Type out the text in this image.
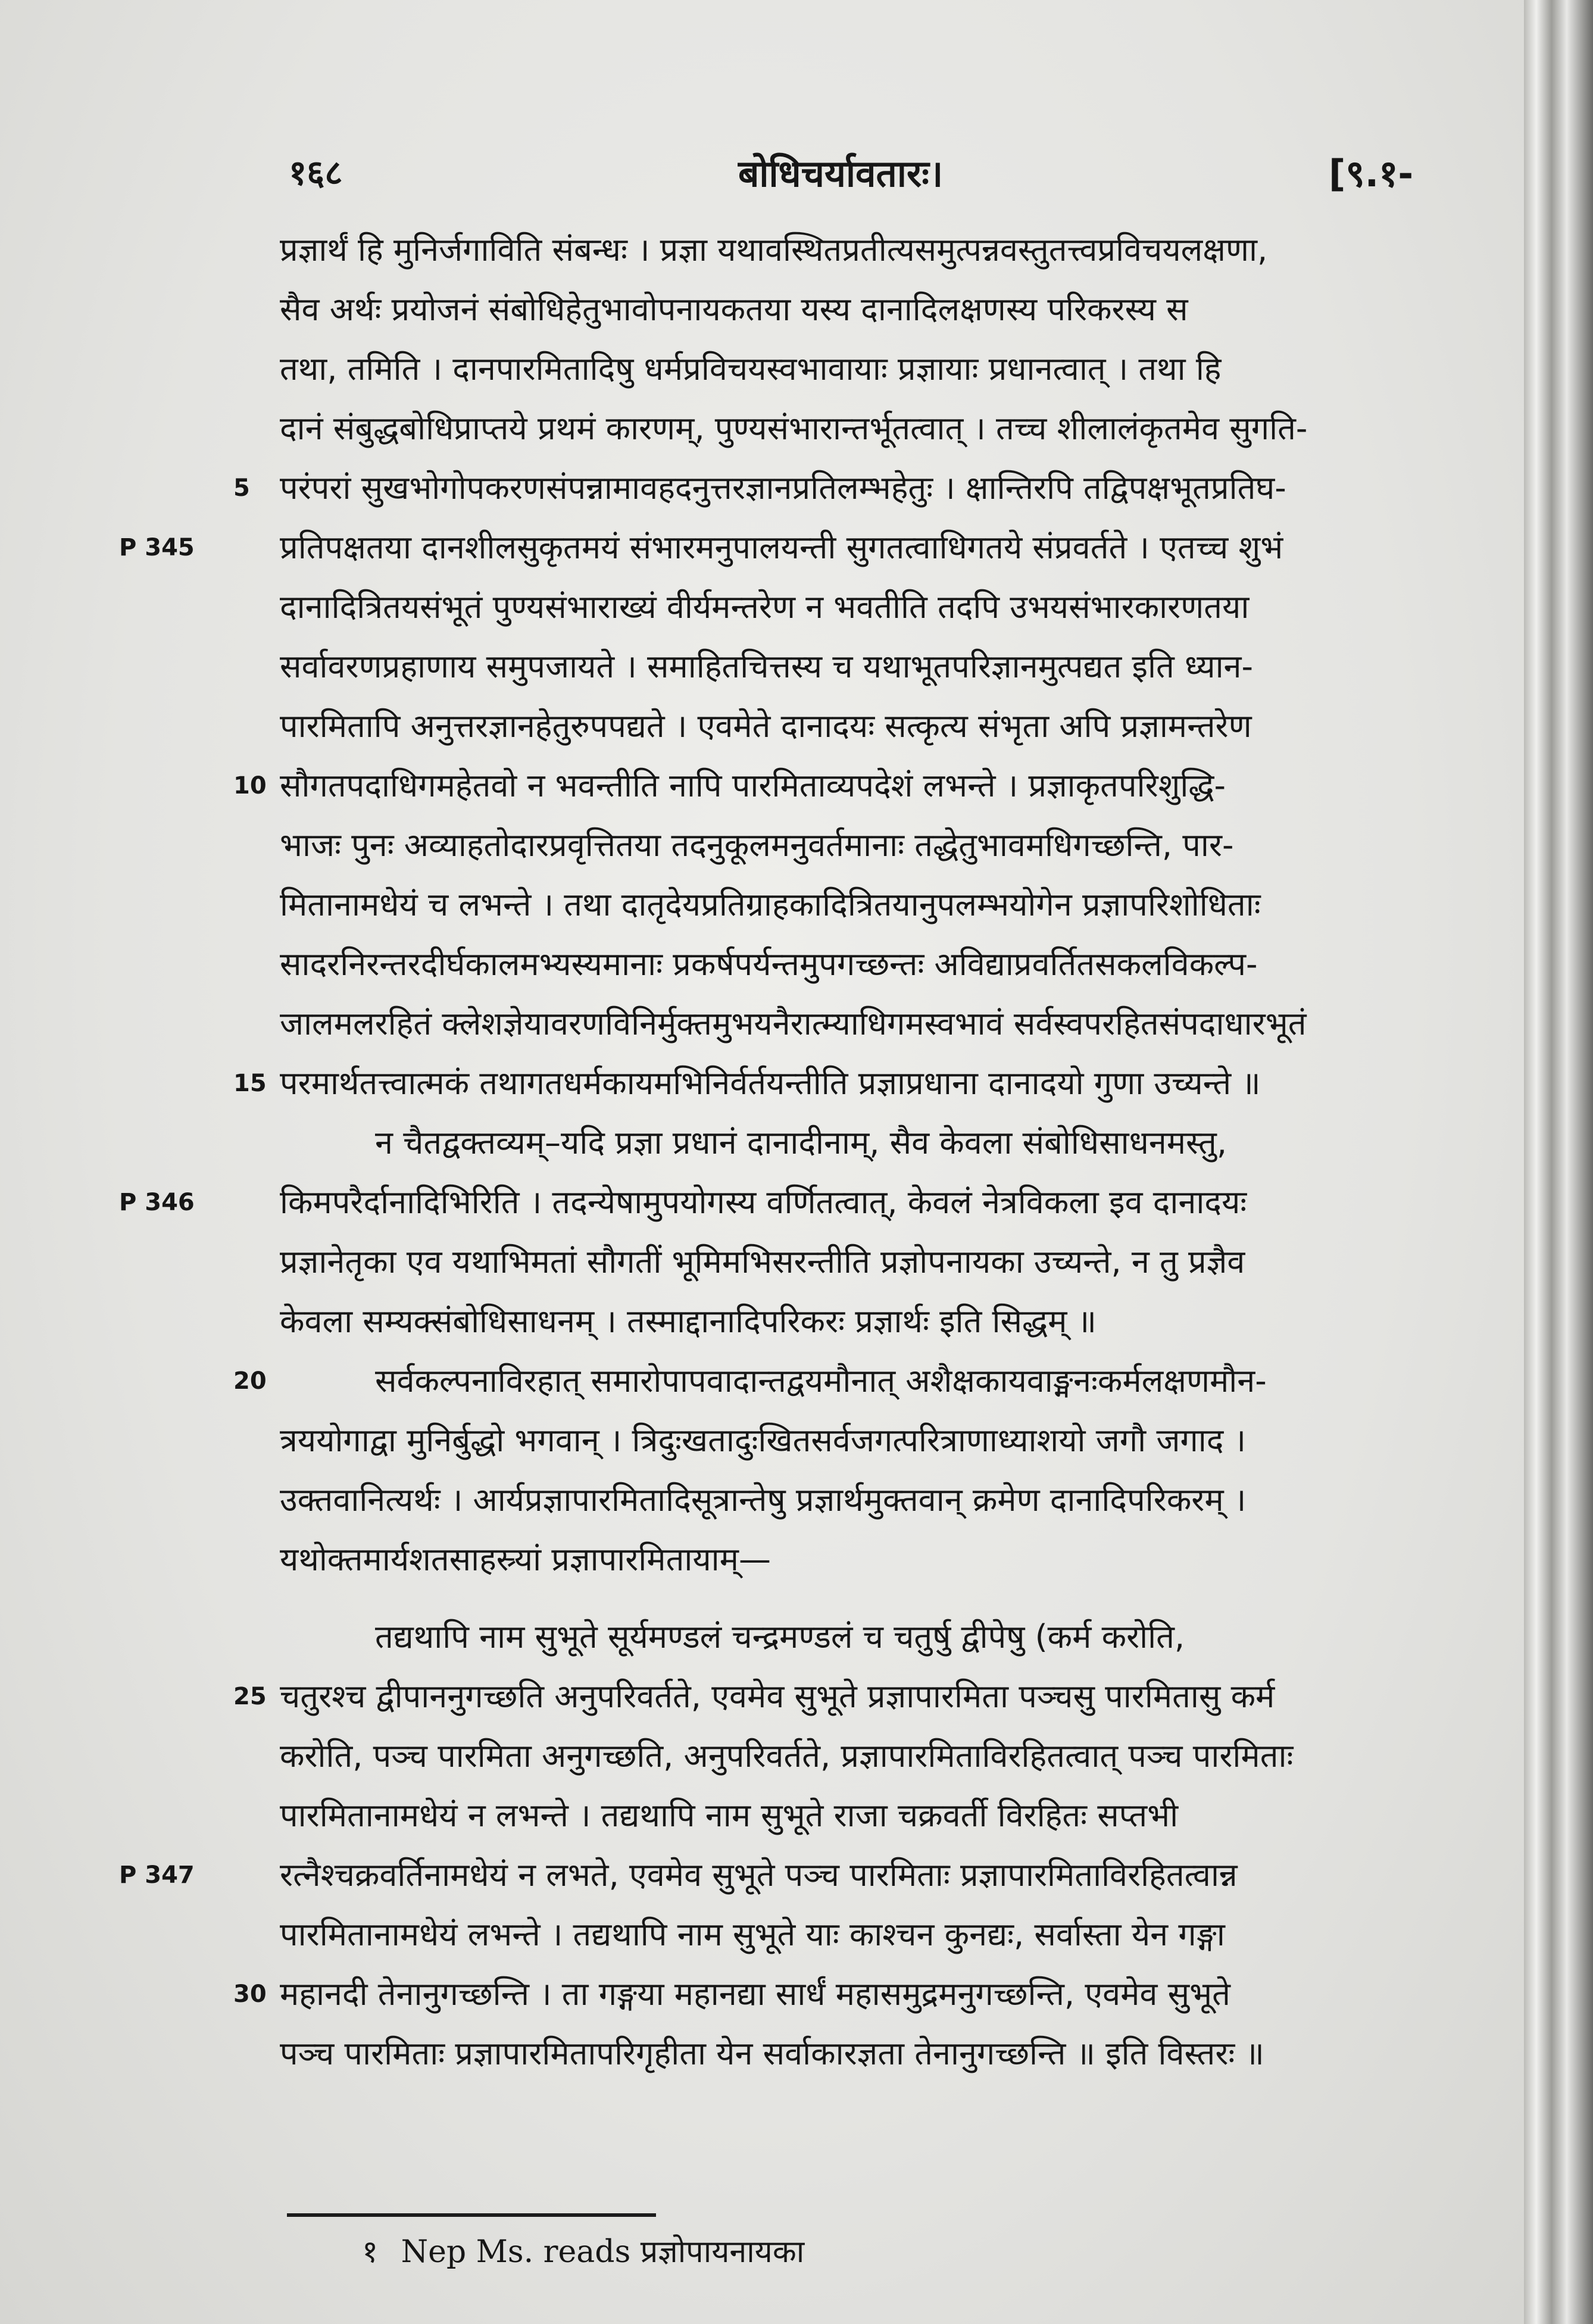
१६८	बोधिचर्यावतारः।	[९.१-
प्रज्ञार्थं हि मुनिर्जगाविति संबन्धः । प्रज्ञा यथावस्थितप्रतीत्यसमुत्पन्नवस्तुतत्त्वप्रविचयलक्षणा,
सैव अर्थः प्रयोजनं संबोधिहेतुभावोपनायकतया यस्य दानादिलक्षणस्य परिकरस्य स
तथा, तमिति । दानपारमितादिषु धर्मप्रविचयस्वभावायाः प्रज्ञायाः प्रधानत्वात् । तथा हि
दानं संबुद्धबोधिप्राप्तये प्रथमं कारणम्, पुण्यसंभारान्तर्भूतत्वात् । तच्च शीलालंकृतमेव सुगति-
परंपरां सुखभोगोपकरणसंपन्नामावहदनुत्तरज्ञानप्रतिलम्भहेतुः । क्षान्तिरपि तद्विपक्षभूतप्रतिघ-
प्रतिपक्षतया दानशीलसुकृतमयं संभारमनुपालयन्ती सुगतत्वाधिगतये संप्रवर्तते । एतच्च शुभं
दानादित्रितयसंभूतं पुण्यसंभाराख्यं वीर्यमन्तरेण न भवतीति तदपि उभयसंभारकारणतया
सर्वावरणप्रहाणाय समुपजायते । समाहितचित्तस्य च यथाभूतपरिज्ञानमुत्पद्यत इति ध्यान-
पारमितापि अनुत्तरज्ञानहेतुरुपपद्यते । एवमेते दानादयः सत्कृत्य संभृता अपि प्रज्ञामन्तरेण
सौगतपदाधिगमहेतवो न भवन्तीति नापि पारमिताव्यपदेशं लभन्ते । प्रज्ञाकृतपरिशुद्धि-
भाजः पुनः अव्याहतोदारप्रवृत्तितया तदनुकूलमनुवर्तमानाः तद्धेतुभावमधिगच्छन्ति, पार-
मितानामधेयं च लभन्ते । तथा दातृदेयप्रतिग्राहकादित्रितयानुपलम्भयोगेन प्रज्ञापरिशोधिताः
सादरनिरन्तरदीर्घकालमभ्यस्यमानाः प्रकर्षपर्यन्तमुपगच्छन्तः अविद्याप्रवर्तितसकलविकल्प-
जालमलरहितं क्लेशज्ञेयावरणविनिर्मुक्तमुभयनैरात्म्याधिगमस्वभावं सर्वस्वपरहितसंपदाधारभूतं
परमार्थतत्त्वात्मकं तथागतधर्मकायमभिनिर्वर्तयन्तीति प्रज्ञाप्रधाना दानादयो गुणा उच्यन्ते ॥
न चैतद्वक्तव्यम्–यदि प्रज्ञा प्रधानं दानादीनाम्, सैव केवला संबोधिसाधनमस्तु,
किमपरैर्दानादिभिरिति । तदन्येषामुपयोगस्य वर्णितत्वात्, केवलं नेत्रविकला इव दानादयः
प्रज्ञानेतृका एव यथाभिमतां सौगतीं भूमिमभिसरन्तीति प्रज्ञोपनायका उच्यन्ते, न तु प्रज्ञैव
केवला सम्यक्संबोधिसाधनम् । तस्माद्दानादिपरिकरः प्रज्ञार्थः इति सिद्धम् ॥
सर्वकल्पनाविरहात् समारोपापवादान्तद्वयमौनात् अशैक्षकायवाङ्मनःकर्मलक्षणमौन-
त्रययोगाद्वा मुनिर्बुद्धो भगवान् । त्रिदुःखतादुःखितसर्वजगत्परित्राणाध्याशयो जगौ जगाद ।
उक्तवानित्यर्थः । आर्यप्रज्ञापारमितादिसूत्रान्तेषु प्रज्ञार्थमुक्तवान् क्रमेण दानादिपरिकरम् ।
यथोक्तमार्यशतसाहस्र्यां प्रज्ञापारमितायाम्—
तद्यथापि नाम सुभूते सूर्यमण्डलं चन्द्रमण्डलं च चतुर्षु द्वीपेषु (कर्म करोति,
चतुरश्च द्वीपाननुगच्छति अनुपरिवर्तते, एवमेव सुभूते प्रज्ञापारमिता पञ्चसु पारमितासु कर्म
करोति, पञ्च पारमिता अनुगच्छति, अनुपरिवर्तते, प्रज्ञापारमिताविरहितत्वात् पञ्च पारमिताः
पारमितानामधेयं न लभन्ते । तद्यथापि नाम सुभूते राजा चक्रवर्ती विरहितः सप्तभी
रत्नैश्चक्रवर्तिनामधेयं न लभते, एवमेव सुभूते पञ्च पारमिताः प्रज्ञापारमिताविरहितत्वान्न
पारमितानामधेयं लभन्ते । तद्यथापि नाम सुभूते याः काश्चन कुनद्यः, सर्वास्ता येन गङ्गा
महानदी तेनानुगच्छन्ति । ता गङ्गया महानद्या सार्धं महासमुद्रमनुगच्छन्ति, एवमेव सुभूते
पञ्च पारमिताः प्रज्ञापारमितापरिगृहीता येन सर्वाकारज्ञता तेनानुगच्छन्ति ॥ इति विस्तरः ॥
5
10
15
20
25
30
P 345
P 346
P 347
१ Nep Ms. reads प्रज्ञोपायनायका
